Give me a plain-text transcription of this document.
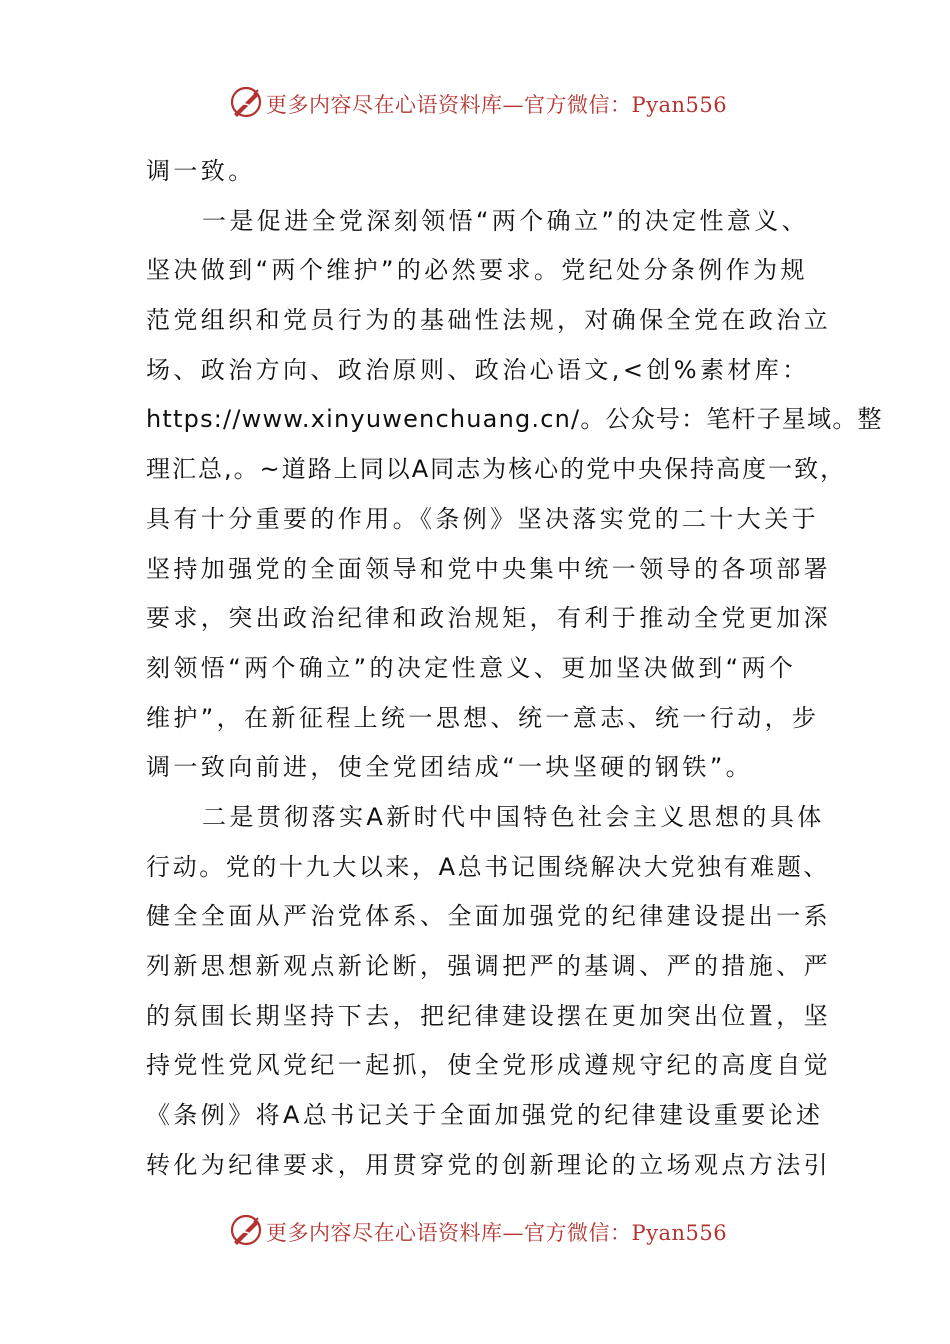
更多内容尽在心语资料库—官方微信：Pyan556
调一致。
一是促进全党深刻领悟“两个确立”的决定性意义、
坚决做到“两个维护”的必然要求。党纪处分条例作为规
范党组织和党员行为的基础性法规，对确保全党在政治立
场、政治方向、政治原则、政治心语文,<创%素材库：
https://www.xinyuwenchuang.cn/。公众号：笔杆子星域。整
理汇总,。~道路上同以A同志为核心的党中央保持高度一致，
具有十分重要的作用。《条例》坚决落实党的二十大关于
坚持加强党的全面领导和党中央集中统一领导的各项部署
要求，突出政治纪律和政治规矩，有利于推动全党更加深
刻领悟“两个确立”的决定性意义、更加坚决做到“两个
维护”，在新征程上统一思想、统一意志、统一行动，步
调一致向前进，使全党团结成“一块坚硬的钢铁”。
二是贯彻落实A新时代中国特色社会主义思想的具体
行动。党的十九大以来，A总书记围绕解决大党独有难题、
健全全面从严治党体系、全面加强党的纪律建设提出一系
列新思想新观点新论断，强调把严的基调、严的措施、严
的氛围长期坚持下去，把纪律建设摆在更加突出位置，坚
持党性党风党纪一起抓，使全党形成遵规守纪的高度自觉
《条例》将A总书记关于全面加强党的纪律建设重要论述
转化为纪律要求，用贯穿党的创新理论的立场观点方法引
更多内容尽在心语资料库—官方微信：Pyan556
